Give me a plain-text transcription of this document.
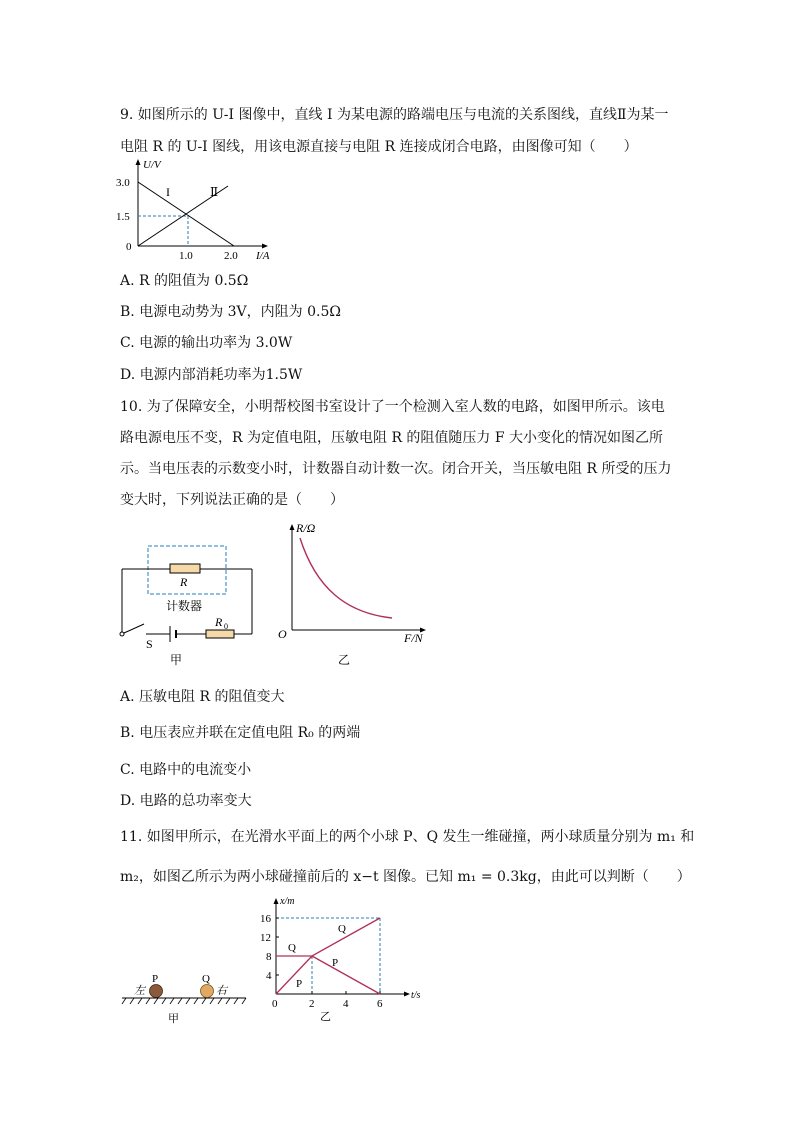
9. 如图所示的 U-I 图像中，直线 I 为某电源的路端电压与电流的关系图线，直线Ⅱ为某一
电阻 R 的 U-I 图线，用该电源直接与电阻 R 连接成闭合电路，由图像可知（　　）
U/V
3.0
1.5
0
1.0	2.0 I/A
I	Ⅱ
A. R 的阻值为 0.5Ω
B. 电源电动势为 3V，内阻为 0.5Ω
C. 电源的输出功率为 3.0W
D. 电源内部消耗功率为1.5W
10. 为了保障安全，小明帮校图书室设计了一个检测入室人数的电路，如图甲所示。该电
路电源电压不变，R 为定值电阻，压敏电阻 R 的阻值随压力 F 大小变化的情况如图乙所
示。当电压表的示数变小时，计数器自动计数一次。闭合开关，当压敏电阻 R 所受的压力
变大时，下列说法正确的是（　　）
R
计数器
R 0
S
甲
R/Ω
O	F/N
乙
A. 压敏电阻 R 的阻值变大
B. 电压表应并联在定值电阻 R₀ 的两端
C. 电路中的电流变小
D. 电路的总功率变大
11. 如图甲所示，在光滑水平面上的两个小球 P、Q 发生一维碰撞，两小球质量分别为 m₁ 和
m₂，如图乙所示为两小球碰撞前后的 x−t 图像。已知 m₁ = 0.3kg，由此可以判断（　　）
P	Q
左	右
甲
x/m
16
12
8
4
0	2	4	6
t/s
Q
Q
P
P
乙
